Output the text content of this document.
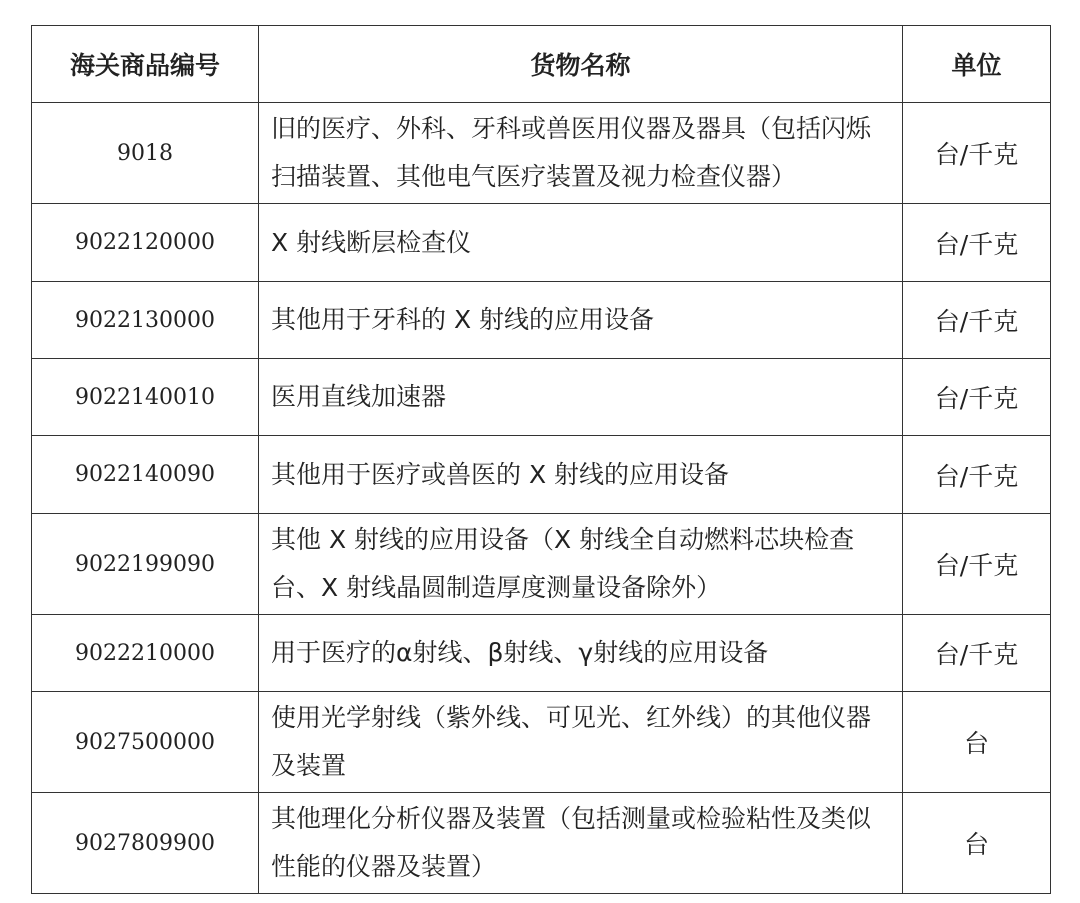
海关商品编号	货物名称	单位
9018	旧的医疗、外科、牙科或兽医用仪器及器具（包括闪烁扫描装置、其他电气医疗装置及视力检查仪器）	台/千克
9022120000	X 射线断层检查仪	台/千克
9022130000	其他用于牙科的 X 射线的应用设备	台/千克
9022140010	医用直线加速器	台/千克
9022140090	其他用于医疗或兽医的 X 射线的应用设备	台/千克
9022199090	其他 X 射线的应用设备（X 射线全自动燃料芯块检查台、X 射线晶圆制造厚度测量设备除外）	台/千克
9022210000	用于医疗的α射线、β射线、γ射线的应用设备	台/千克
9027500000	使用光学射线（紫外线、可见光、红外线）的其他仪器及装置	台
9027809900	其他理化分析仪器及装置（包括测量或检验粘性及类似性能的仪器及装置）	台
